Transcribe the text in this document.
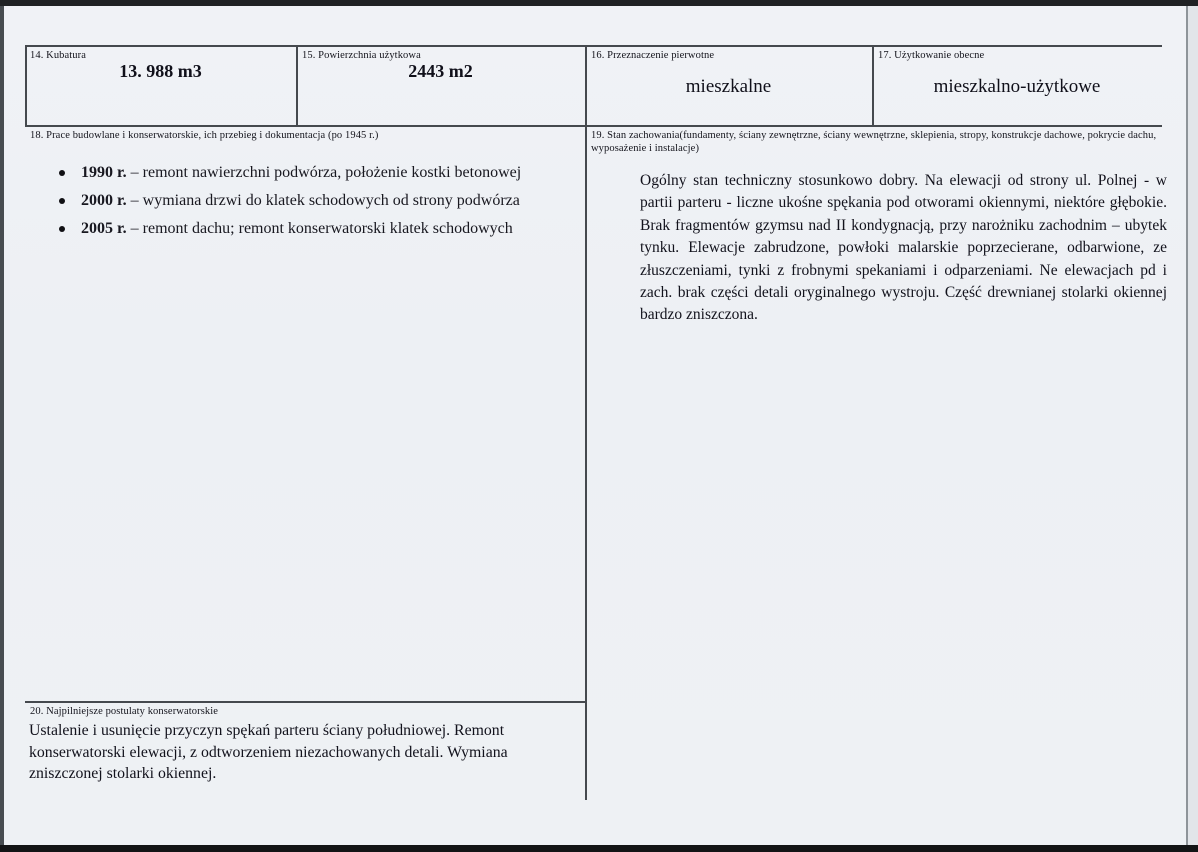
14. Kubatura
13. 988 m3
15. Powierzchnia użytkowa
2443 m2
16. Przeznaczenie pierwotne
mieszkalne
17. Użytkowanie obecne
mieszkalno-użytkowe
18. Prace budowlane i konserwatorskie, ich przebieg i dokumentacja (po 1945 r.)
1990 r. – remont nawierzchni podwórza, położenie kostki betonowej
2000 r. – wymiana drzwi do klatek schodowych od strony podwórza
2005 r. – remont dachu; remont konserwatorski klatek schodowych
19. Stan zachowania(fundamenty, ściany zewnętrzne, ściany wewnętrzne, sklepienia, stropy, konstrukcje dachowe, pokrycie dachu, wyposażenie i instalacje)
Ogólny stan techniczny stosunkowo dobry. Na elewacji od strony ul. Polnej - w partii parteru - liczne ukośne spękania pod otworami okiennymi, niektóre głębokie. Brak fragmentów gzymsu nad II kondygnacją, przy narożniku zachodnim – ubytek tynku. Elewacje zabrudzone, powłoki malarskie poprzecierane, odbarwione, ze złuszczeniami, tynki z frobnymi spekaniami i odparzeniami. Ne elewacjach pd i zach. brak części detali oryginalnego wystroju. Część drewnianej stolarki okiennej bardzo zniszczona.
20. Najpilniejsze postulaty konserwatorskie
Ustalenie i usunięcie przyczyn spękań parteru ściany południowej. Remont konserwatorski elewacji, z odtworzeniem niezachowanych detali. Wymiana zniszczonej stolarki okiennej.
